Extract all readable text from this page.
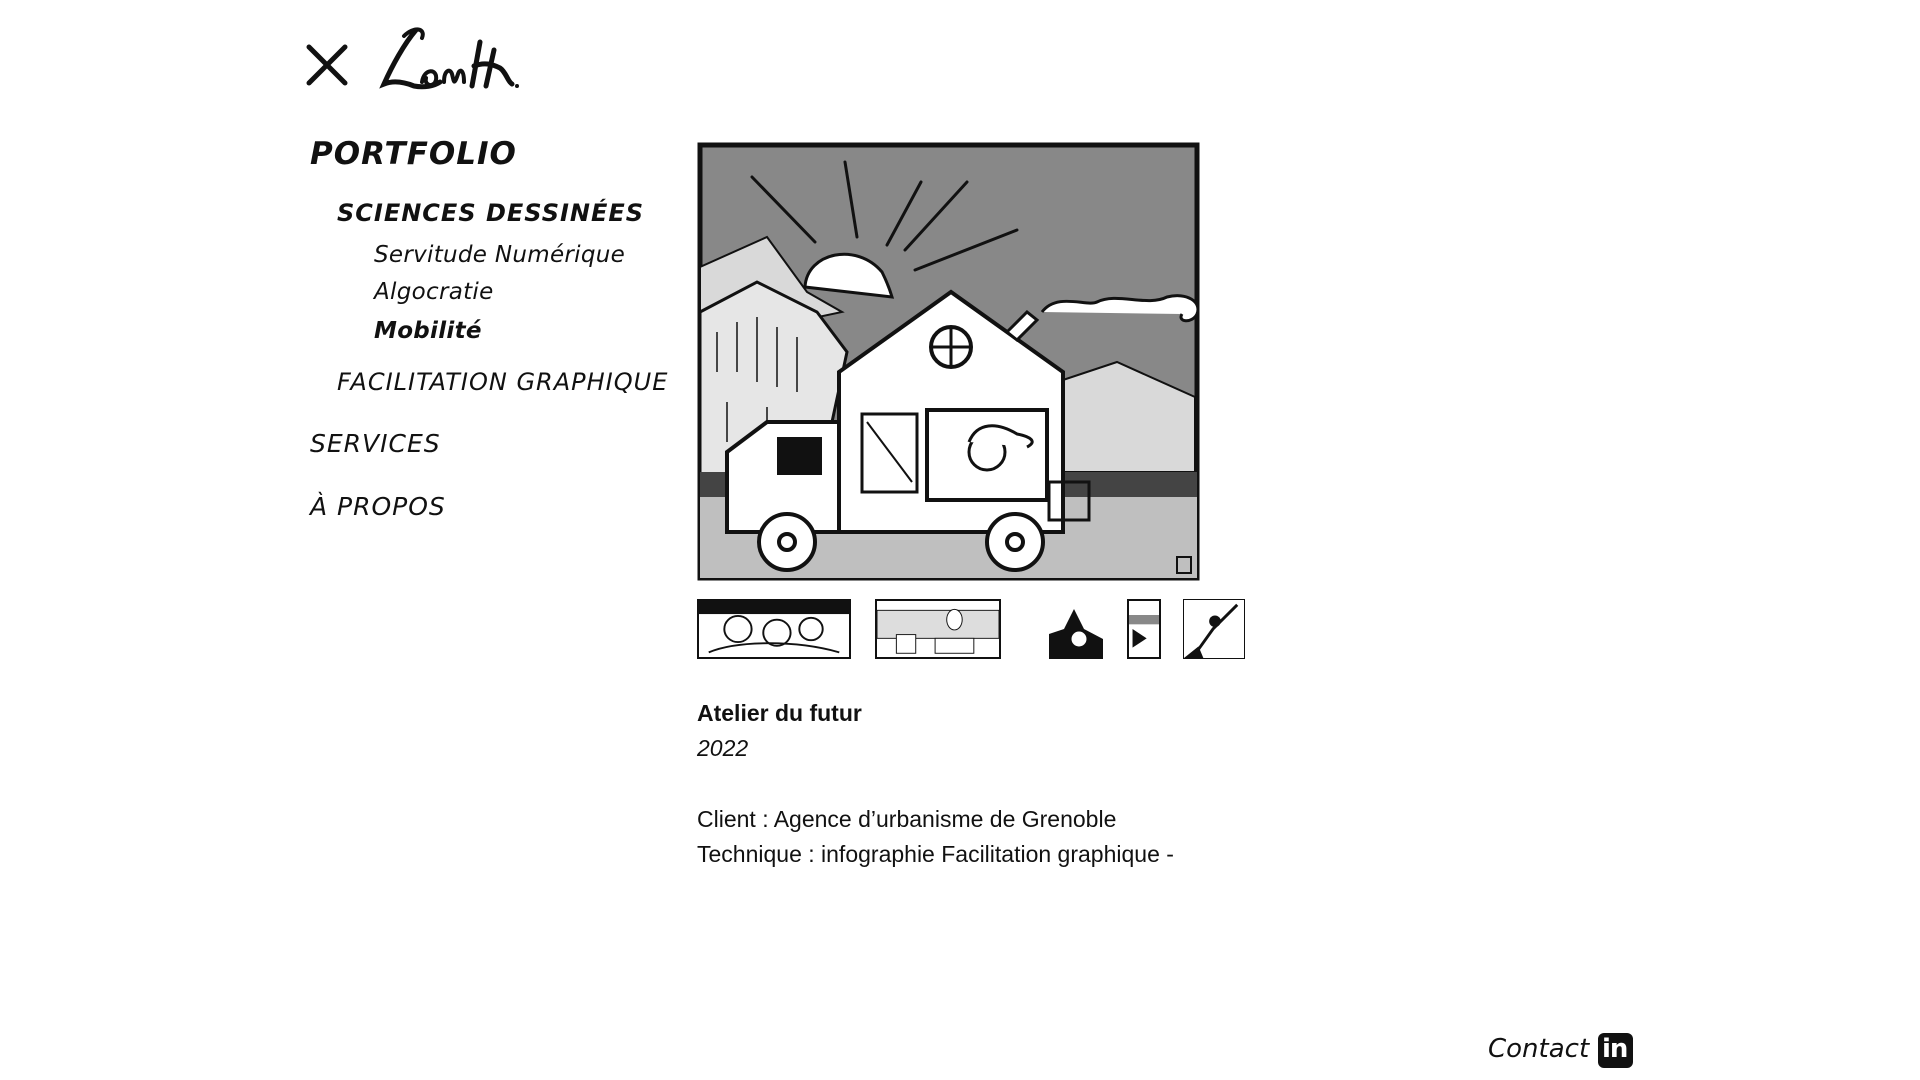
PORTFOLIO
SCIENCES DESSINÉES
Servitude Numérique
Algocratie
Mobilité
FACILITATION GRAPHIQUE
SERVICES
À PROPOS
Atelier du futur
2022
Client : Agence d’urbanisme de Grenoble
Technique : infographie Facilitation graphique -
Contact in
